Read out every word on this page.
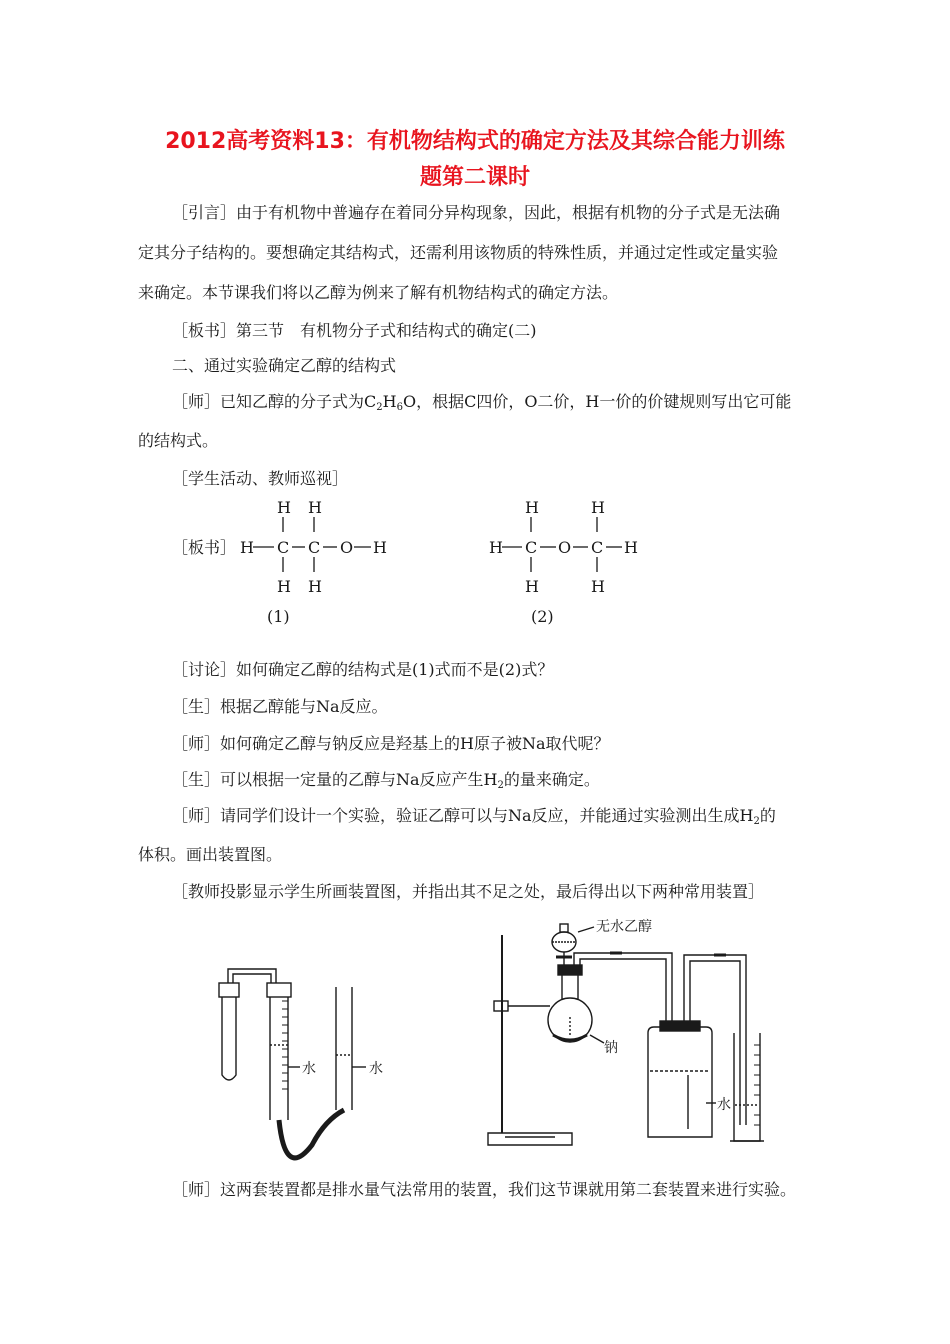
2012高考资料13：有机物结构式的确定方法及其综合能力训练
题第二课时
［引言］由于有机物中普遍存在着同分异构现象，因此，根据有机物的分子式是无法确
定其分子结构的。要想确定其结构式，还需利用该物质的特殊性质，并通过定性或定量实验
来确定。本节课我们将以乙醇为例来了解有机物结构式的确定方法。
［板书］第三节　有机物分子式和结构式的确定(二)
二、通过实验确定乙醇的结构式
［师］已知乙醇的分子式为$C_2H_6O$，根据C四价，O二价，H一价的价键规则写出它可能
的结构式。
［学生活动、教师巡视］
［板书］
H H
H C C O H
H H
(1)
H	H
H C O C H
H	H
(2)
［讨论］如何确定乙醇的结构式是(1)式而不是(2)式？
［生］根据乙醇能与Na反应。
［师］如何确定乙醇与钠反应是羟基上的H原子被Na取代呢？
［生］可以根据一定量的乙醇与Na反应产生$H_2$的量来确定。
［师］请同学们设计一个实验，验证乙醇可以与Na反应，并能通过实验测出生成$H_2$的
体积。画出装置图。
［教师投影显示学生所画装置图，并指出其不足之处，最后得出以下两种常用装置］
水	水
无水乙醇
钠
水
［师］这两套装置都是排水量气法常用的装置，我们这节课就用第二套装置来进行实验。
